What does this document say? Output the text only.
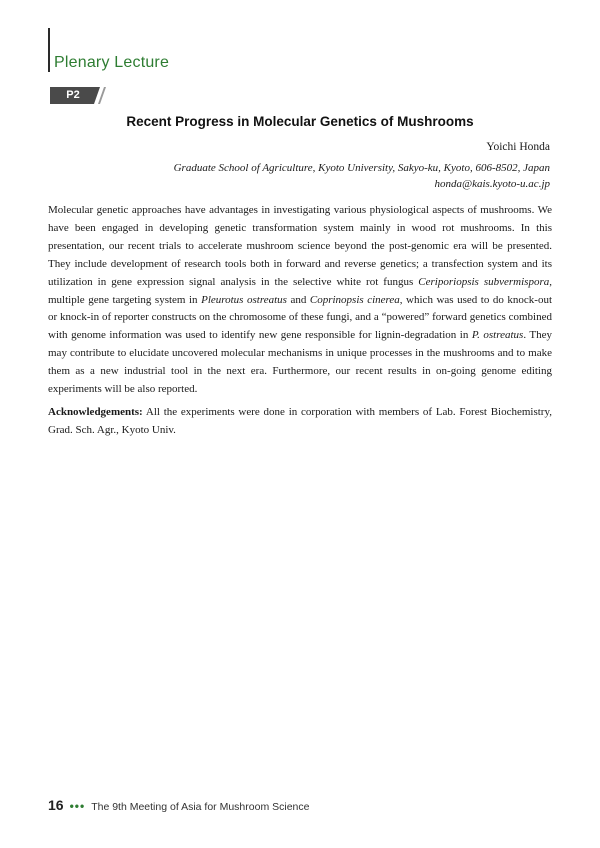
Plenary Lecture
P2
Recent Progress in Molecular Genetics of Mushrooms
Yoichi Honda
Graduate School of Agriculture, Kyoto University, Sakyo-ku, Kyoto, 606-8502, Japan
honda@kais.kyoto-u.ac.jp

Molecular genetic approaches have advantages in investigating various physiological aspects of mushrooms. We have been engaged in developing genetic transformation system mainly in wood rot mushrooms. In this presentation, our recent trials to accelerate mushroom science beyond the post-genomic era will be presented. They include development of research tools both in forward and reverse genetics; a transfection system and its utilization in gene expression signal analysis in the selective white rot fungus Ceriporiopsis subvermispora, multiple gene targeting system in Pleurotus ostreatus and Coprinopsis cinerea, which was used to do knock-out or knock-in of reporter constructs on the chromosome of these fungi, and a “powered” forward genetics combined with genome information was used to identify new gene responsible for lignin-degradation in P. ostreatus. They may contribute to elucidate uncovered molecular mechanisms in unique processes in the mushrooms and to make them as a new industrial tool in the next era. Furthermore, our recent results in on-going genome editing experiments will be also reported.

Acknowledgements: All the experiments were done in corporation with members of Lab. Forest Biochemistry, Grad. Sch. Agr., Kyoto Univ.

16 ••• The 9th Meeting of Asia for Mushroom Science
